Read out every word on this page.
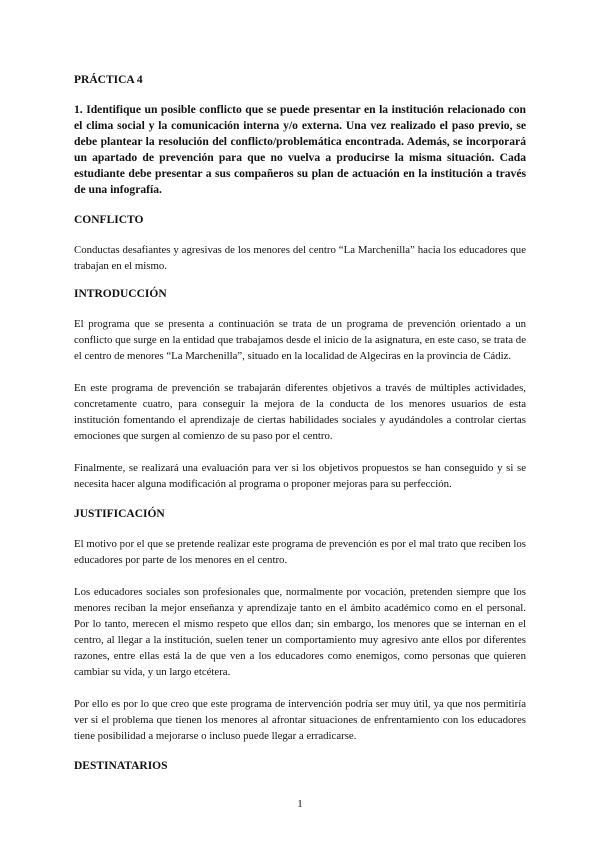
PRÁCTICA 4

1. Identifique un posible conflicto que se puede presentar en la institución relacionado con el clima social y la comunicación interna y/o externa. Una vez realizado el paso previo, se debe plantear la resolución del conflicto/problemática encontrada. Además, se incorporará un apartado de prevención para que no vuelva a producirse la misma situación. Cada estudiante debe presentar a sus compañeros su plan de actuación en la institución a través de una infografía.

CONFLICTO

Conductas desafiantes y agresivas de los menores del centro “La Marchenilla” hacia los educadores que trabajan en el mismo.

INTRODUCCIÓN

El programa que se presenta a continuación se trata de un programa de prevención orientado a un conflicto que surge en la entidad que trabajamos desde el inicio de la asignatura, en este caso, se trata de el centro de menores “La Marchenilla”, situado en la localidad de Algeciras en la provincia de Cádiz.

En este programa de prevención se trabajarán diferentes objetivos a través de múltiples actividades, concretamente cuatro, para conseguir la mejora de la conducta de los menores usuarios de esta institución fomentando el aprendizaje de ciertas habilidades sociales y ayudándoles a controlar ciertas emociones que surgen al comienzo de su paso por el centro.

Finalmente, se realizará una evaluación para ver si los objetivos propuestos se han conseguido y si se necesita hacer alguna modificación al programa o proponer mejoras para su perfección.

JUSTIFICACIÓN

El motivo por el que se pretende realizar este programa de prevención es por el mal trato que reciben los educadores por parte de los menores en el centro.

Los educadores sociales son profesionales que, normalmente por vocación, pretenden siempre que los menores reciban la mejor enseñanza y aprendizaje tanto en el ámbito académico como en el personal. Por lo tanto, merecen el mismo respeto que ellos dan; sin embargo, los menores que se internan en el centro, al llegar a la institución, suelen tener un comportamiento muy agresivo ante ellos por diferentes razones, entre ellas está la de que ven a los educadores como enemigos, como personas que quieren cambiar su vida, y un largo etcétera.

Por ello es por lo que creo que este programa de intervención podría ser muy útil, ya que nos permitiría ver si el problema que tienen los menores al afrontar situaciones de enfrentamiento con los educadores tiene posibilidad a mejorarse o incluso puede llegar a erradicarse.

DESTINATARIOS

1
